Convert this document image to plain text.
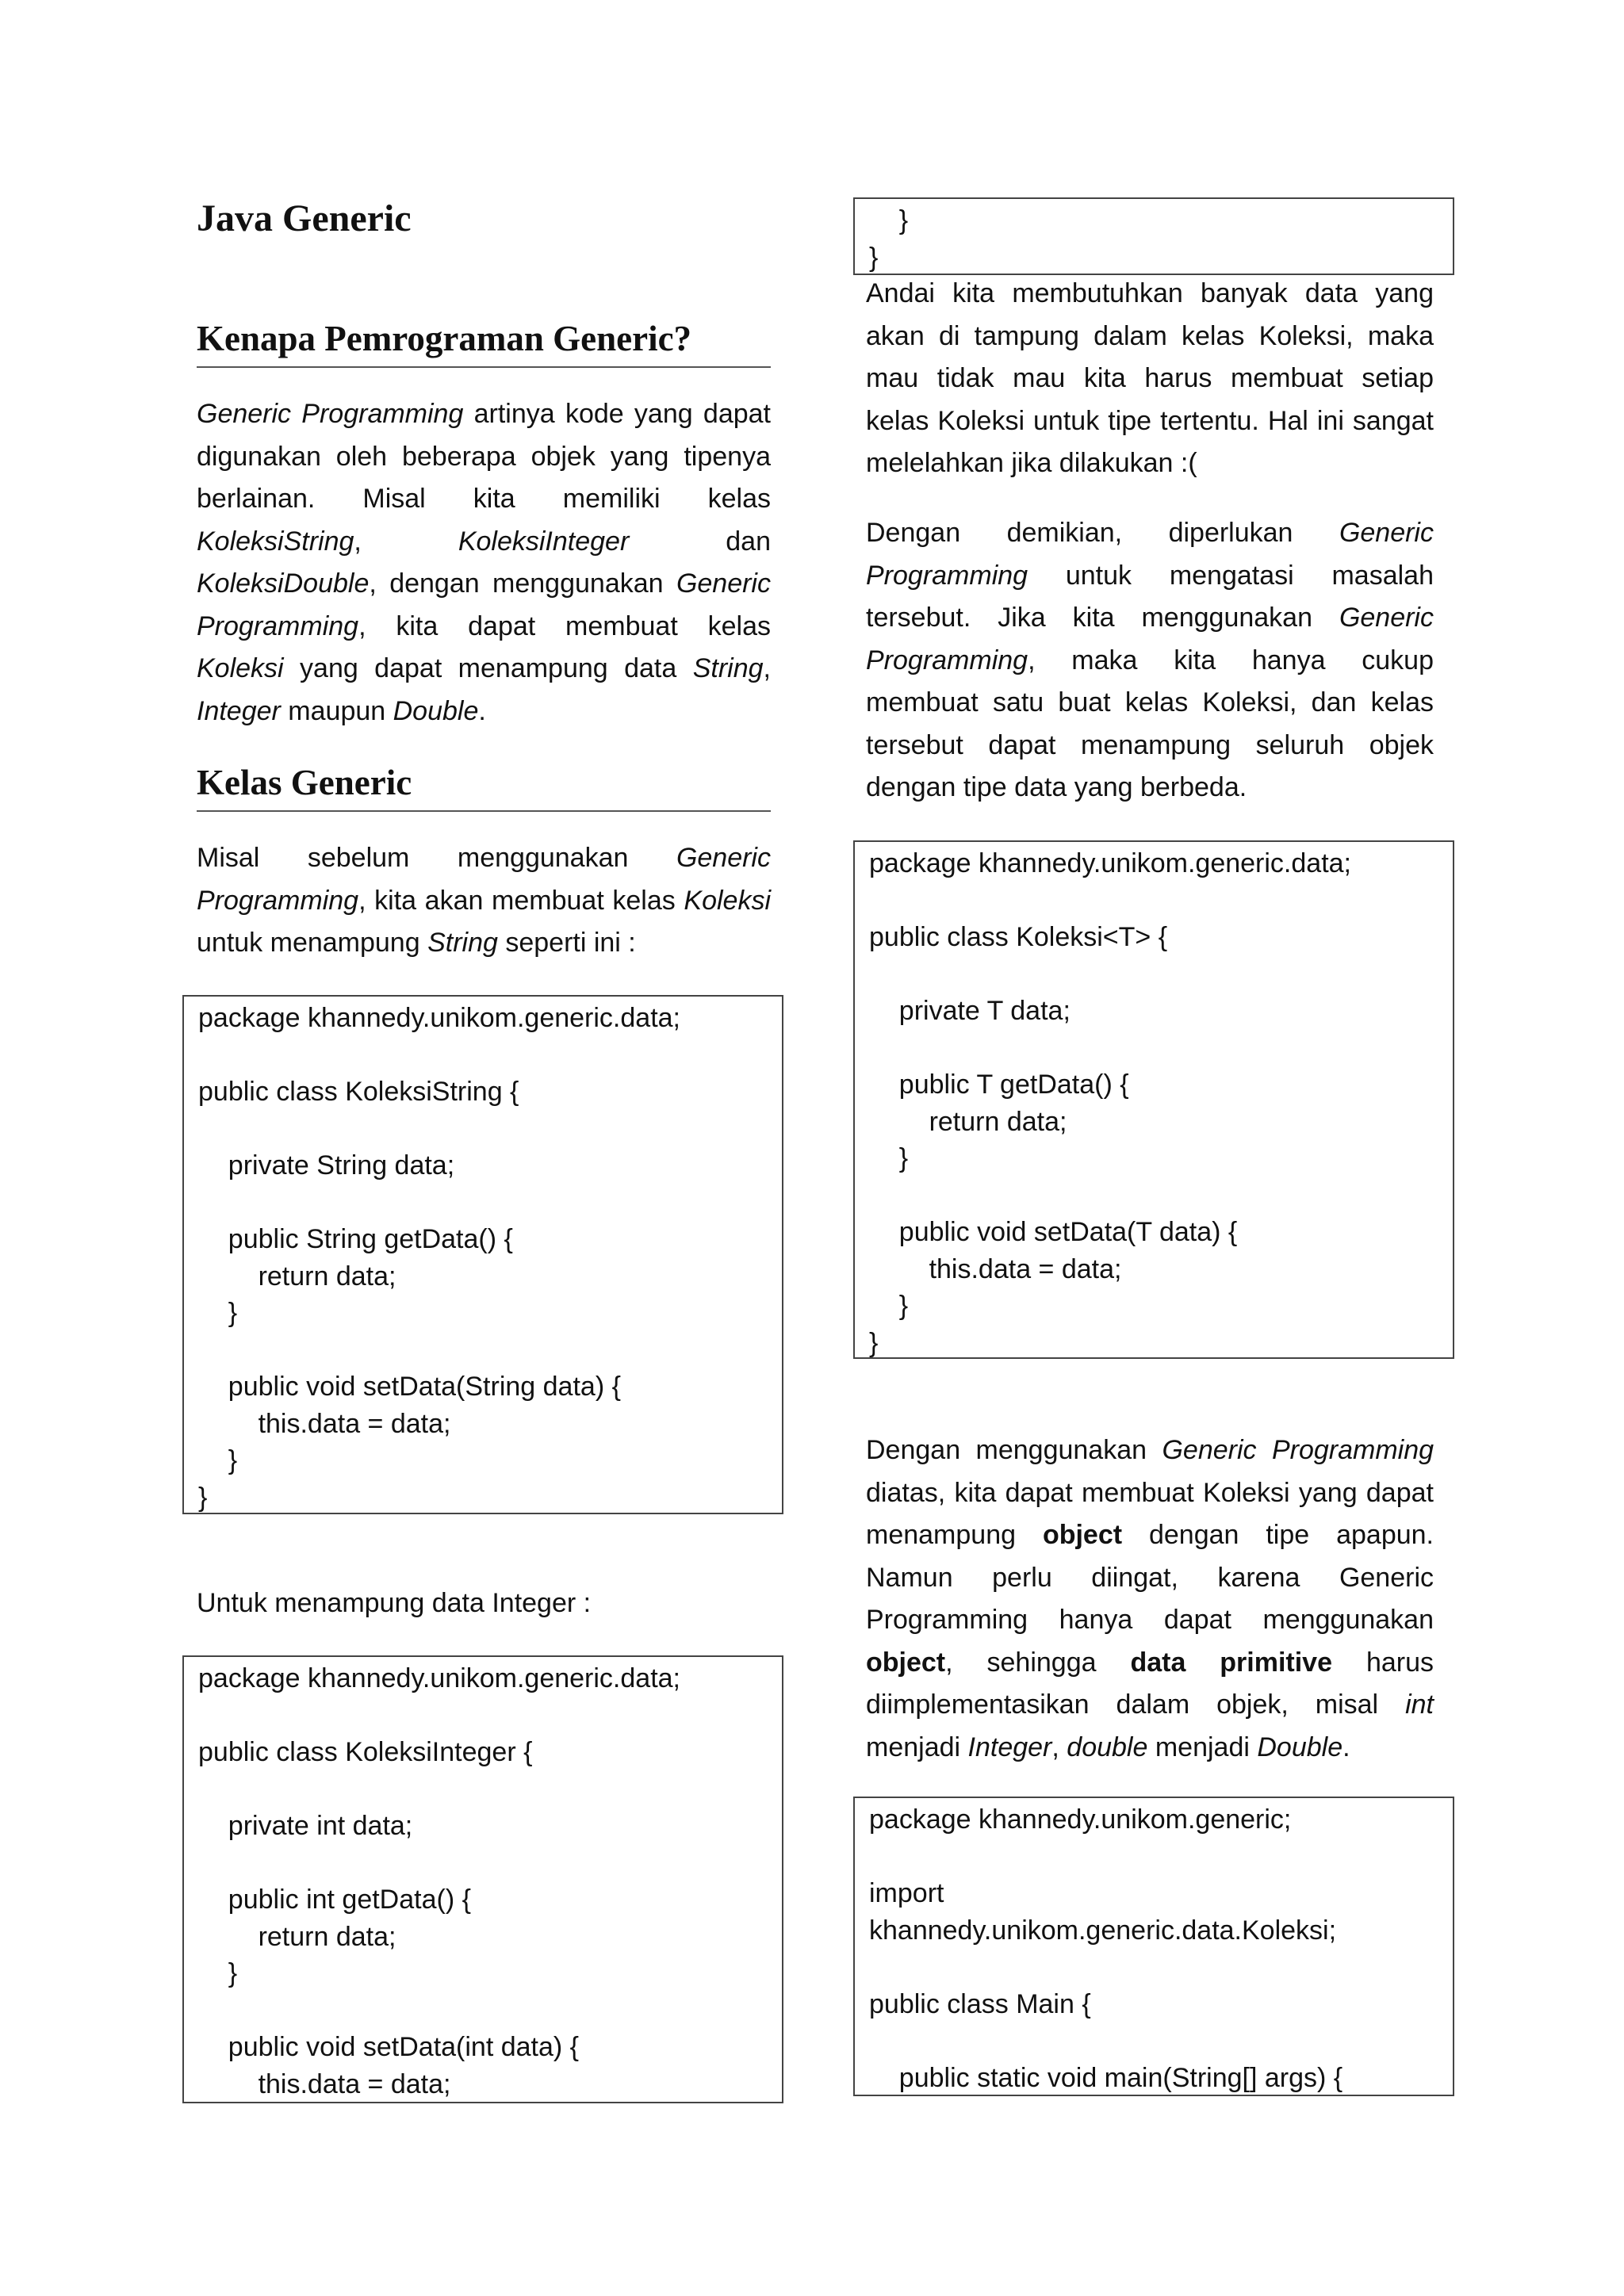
Java Generic
Kenapa Pemrograman Generic?

Generic Programming artinya kode yang dapat digunakan oleh beberapa objek yang tipenya berlainan. Misal kita memiliki kelas KoleksiString, KoleksiInteger dan KoleksiDouble, dengan menggunakan Generic Programming, kita dapat membuat kelas Koleksi yang dapat menampung data String, Integer maupun Double.

Kelas Generic

Misal sebelum menggunakan Generic Programming, kita akan membuat kelas Koleksi untuk menampung String seperti ini :

package khannedy.unikom.generic.data;
public class KoleksiString {
private String data;
public String getData() {
return data;
}
public void setData(String data) {
this.data = data;
}
}

Untuk menampung data Integer :

package khannedy.unikom.generic.data;
public class KoleksiInteger {
private int data;
public int getData() {
return data;
}
public void setData(int data) {
this.data = data;
}
}

Andai kita membutuhkan banyak data yang akan di tampung dalam kelas Koleksi, maka mau tidak mau kita harus membuat setiap kelas Koleksi untuk tipe tertentu. Hal ini sangat melelahkan jika dilakukan :(

Dengan demikian, diperlukan Generic Programming untuk mengatasi masalah tersebut. Jika kita menggunakan Generic Programming, maka kita hanya cukup membuat satu buat kelas Koleksi, dan kelas tersebut dapat menampung seluruh objek dengan tipe data yang berbeda.

package khannedy.unikom.generic.data;
public class Koleksi<T> {
private T data;
public T getData() {
return data;
}
public void setData(T data) {
this.data = data;
}
}

Dengan menggunakan Generic Programming diatas, kita dapat membuat Koleksi yang dapat menampung object dengan tipe apapun. Namun perlu diingat, karena Generic Programming hanya dapat menggunakan object, sehingga data primitive harus diimplementasikan dalam objek, misal int menjadi Integer, double menjadi Double.

package khannedy.unikom.generic;
import
khannedy.unikom.generic.data.Koleksi;
public class Main {
public static void main(String[] args) {
